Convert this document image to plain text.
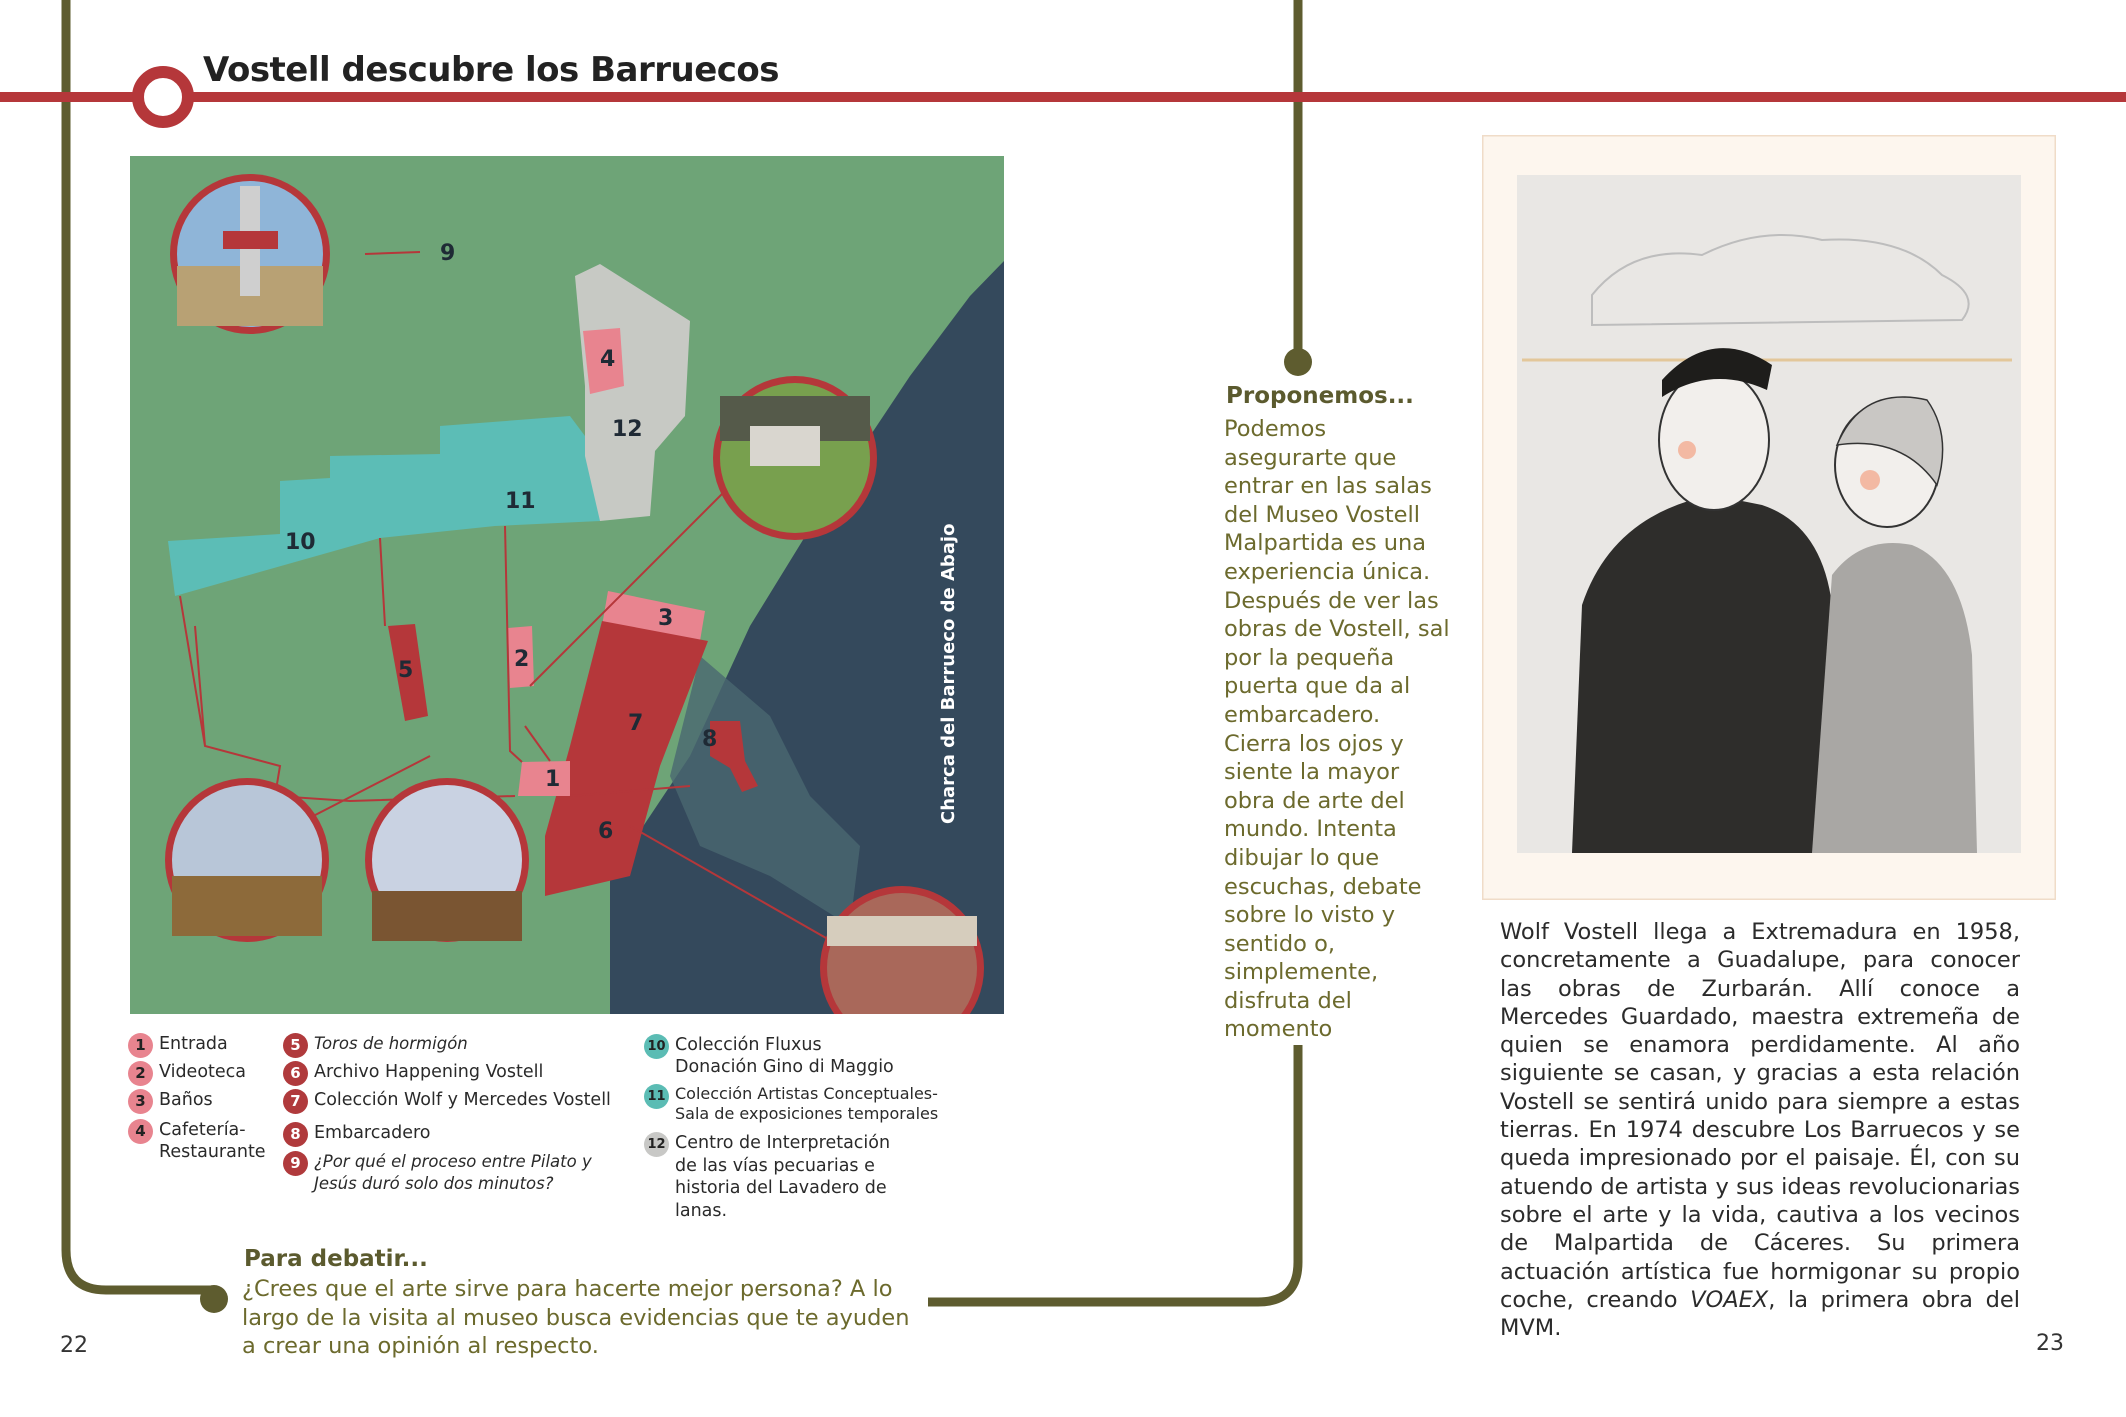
Vostell descubre los Barruecos
9
4
12
11
10
5	2
3
7
8
1
6
Charca del Barrueco de Abajo
1 Entrada
2 Videoteca
3 Baños
4 Cafetería-
Restaurante
5 Toros de hormigón
6 Archivo Happening Vostell
7 Colección Wolf y Mercedes Vostell
8 Embarcadero
9 ¿Por qué el proceso entre Pilato y
Jesús duró solo dos minutos?
10 Colección Fluxus
Donación Gino di Maggio
11 Colección Artistas Conceptuales-
Sala de exposiciones temporales
12 Centro de Interpretación
de las vías pecuarias e
historia del Lavadero de
lanas.
Para debatir...
¿Crees que el arte sirve para hacerte mejor persona? A lo
largo de la visita al museo busca evidencias que te ayuden
a crear una opinión al respecto.
Proponemos...
Podemos
asegurarte que
entrar en las salas
del Museo Vostell
Malpartida es una
experiencia única.
Después de ver las
obras de Vostell, sal
por la pequeña
puerta que da al
embarcadero.
Cierra los ojos y
siente la mayor
obra de arte del
mundo. Intenta
dibujar lo que
escuchas, debate
sobre lo visto y
sentido o,
simplemente,
disfruta del
momento
Wolf Vostell llega a Extremadura en 1958, concretamente a Guadalupe, para conocer las obras de Zurbarán. Allí conoce a Mercedes Guardado, maestra extremeña de quien se enamora perdidamente. Al año siguiente se casan, y gracias a esta relación Vostell se sentirá unido para siempre a estas tierras. En 1974 descubre Los Barruecos y se queda impresionado por el paisaje. Él, con su atuendo de artista y sus ideas revolucionarias sobre el arte y la vida, cautiva a los vecinos de Malpartida de Cáceres. Su primera actuación artística fue hormigonar su propio coche, creando VOAEX, la primera obra del MVM.
22	23
